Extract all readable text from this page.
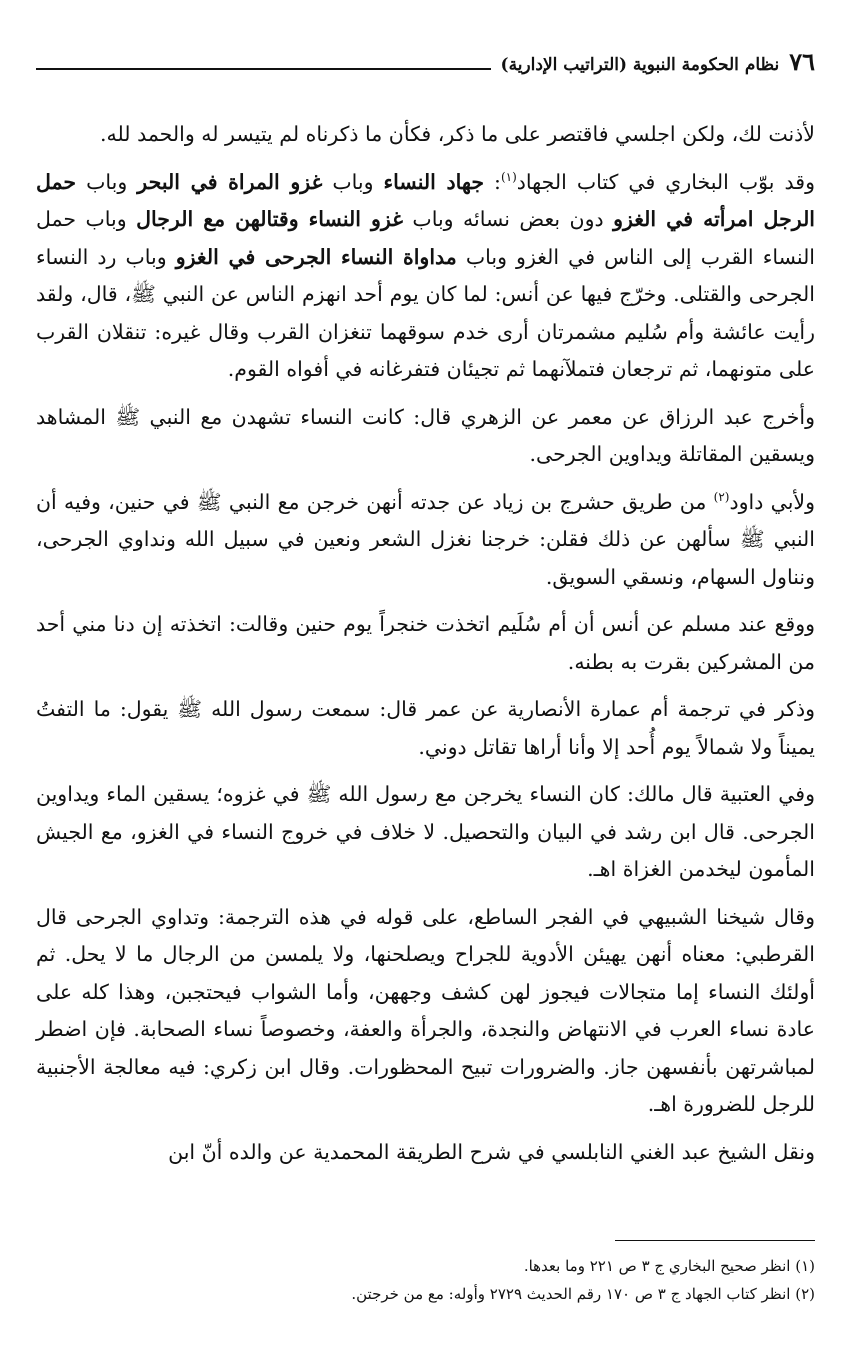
٧٦
نظام الحكومة النبوية (التراتيب الإدارية)

لأذنت لك، ولكن اجلسي فاقتصر على ما ذكر، فكأن ما ذكرناه لم يتيسر له والحمد لله.

وقد بوّب البخاري في كتاب الجهاد$^{(١)}$: جهاد النساء وباب غزو المراة في البحر وباب حمل الرجل امرأته في الغزو دون بعض نسائه وباب غزو النساء وقتالهن مع الرجال وباب حمل النساء القرب إلى الناس في الغزو وباب مداواة النساء الجرحى في الغزو وباب رد النساء الجرحى والقتلى. وخرّج فيها عن أنس: لما كان يوم أحد انهزم الناس عن النبي ﷺ، قال، ولقد رأيت عائشة وأم سُليم مشمرتان أرى خدم سوقهما تنغزان القرب وقال غيره: تنقلان القرب على متونهما، ثم ترجعان فتملآنهما ثم تجيئان فتفرغانه في أفواه القوم.

وأخرج عبد الرزاق عن معمر عن الزهري قال: كانت النساء تشهدن مع النبي ﷺ المشاهد ويسقين المقاتلة ويداوين الجرحى.

ولأبي داود$^{(٢)}$ من طريق حشرج بن زياد عن جدته أنهن خرجن مع النبي ﷺ في حنين، وفيه أن النبي ﷺ سألهن عن ذلك فقلن: خرجنا نغزل الشعر ونعين في سبيل الله ونداوي الجرحى، ونناول السهام، ونسقي السويق.

ووقع عند مسلم عن أنس أن أم سُلَيم اتخذت خنجراً يوم حنين وقالت: اتخذته إن دنا مني أحد من المشركين بقرت به بطنه.

وذكر في ترجمة أم عمارة الأنصارية عن عمر قال: سمعت رسول الله ﷺ يقول: ما التفتُ يميناً ولا شمالاً يوم أُحد إلا وأنا أراها تقاتل دوني.

وفي العتبية قال مالك: كان النساء يخرجن مع رسول الله ﷺ في غزوه؛ يسقين الماء ويداوين الجرحى. قال ابن رشد في البيان والتحصيل. لا خلاف في خروج النساء في الغزو، مع الجيش المأمون ليخدمن الغزاة اهـ.

وقال شيخنا الشبيهي في الفجر الساطع، على قوله في هذه الترجمة: وتداوي الجرحى قال القرطبي: معناه أنهن يهيئن الأدوية للجراح ويصلحنها، ولا يلمسن من الرجال ما لا يحل. ثم أولئك النساء إما متجالات فيجوز لهن كشف وجههن، وأما الشواب فيحتجبن، وهذا كله على عادة نساء العرب في الانتهاض والنجدة، والجرأة والعفة، وخصوصاً نساء الصحابة. فإن اضطر لمباشرتهن بأنفسهن جاز. والضرورات تبيح المحظورات. وقال ابن زكري: فيه معالجة الأجنبية للرجل للضرورة اهـ.

ونقل الشيخ عبد الغني النابلسي في شرح الطريقة المحمدية عن والده أنّ ابن

(١) انظر صحيح البخاري ج ٣ ص ٢٢١ وما بعدها.

(٢) انظر كتاب الجهاد ج ٣ ص ١٧٠ رقم الحديث ٢٧٢٩ وأوله: مع من خرجتن.
